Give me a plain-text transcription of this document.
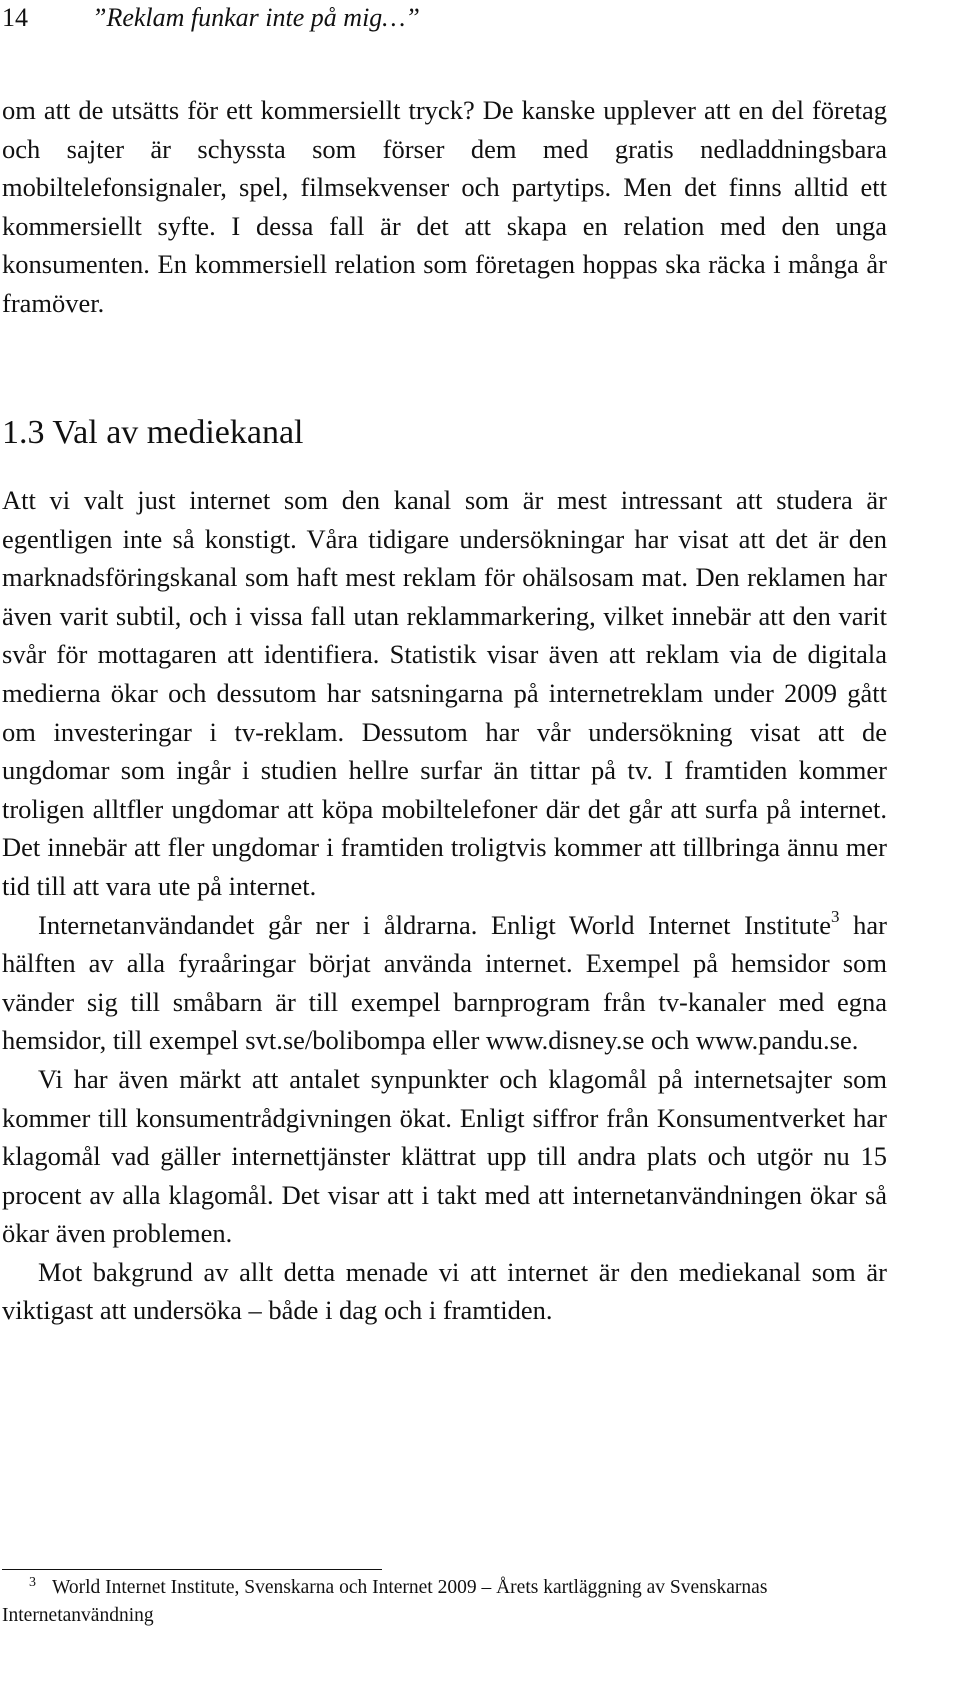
14 ”Reklam funkar inte på mig…”

om att de utsätts för ett kommersiellt tryck? De kanske upplever att en del företag och sajter är schyssta som förser dem med gratis nedladdningsbara mobiltelefonsignaler, spel, filmsekvenser och partytips. Men det finns alltid ett kommersiellt syfte. I dessa fall är det att skapa en relation med den unga konsumenten. En kommersiell relation som företagen hoppas ska räcka i många år framöver.

1.3 Val av mediekanal

Att vi valt just internet som den kanal som är mest intressant att studera är egentligen inte så konstigt. Våra tidigare undersökningar har visat att det är den marknadsföringskanal som haft mest reklam för ohälsosam mat. Den reklamen har även varit subtil, och i vissa fall utan reklammarkering, vilket innebär att den varit svår för mottagaren att identifiera. Statistik visar även att reklam via de digitala medierna ökar och dessutom har satsningarna på internetreklam under 2009 gått om investeringar i tv-reklam. Dessutom har vår undersökning visat att de ungdomar som ingår i studien hellre surfar än tittar på tv. I framtiden kommer troligen alltfler ungdomar att köpa mobiltelefoner där det går att surfa på internet. Det innebär att fler ungdomar i framtiden troligtvis kommer att tillbringa ännu mer tid till att vara ute på internet.

Internetanvändandet går ner i åldrarna. Enligt World Internet Institute$^3$ har hälften av alla fyraåringar börjat använda internet. Exempel på hemsidor som vänder sig till småbarn är till exempel barnprogram från tv-kanaler med egna hemsidor, till exempel svt.se/bolibompa eller www.disney.se och www.pandu.se.

Vi har även märkt att antalet synpunkter och klagomål på internetsajter som kommer till konsumentrådgivningen ökat. Enligt siffror från Konsumentverket har klagomål vad gäller internettjänster klättrat upp till andra plats och utgör nu 15 procent av alla klagomål. Det visar att i takt med att internetanvändningen ökar så ökar även problemen.

Mot bakgrund av allt detta menade vi att internet är den mediekanal som är viktigast att undersöka – både i dag och i framtiden.

3 World Internet Institute, Svenskarna och Internet 2009 – Årets kartläggning av Svenskarnas Internetanvändning
